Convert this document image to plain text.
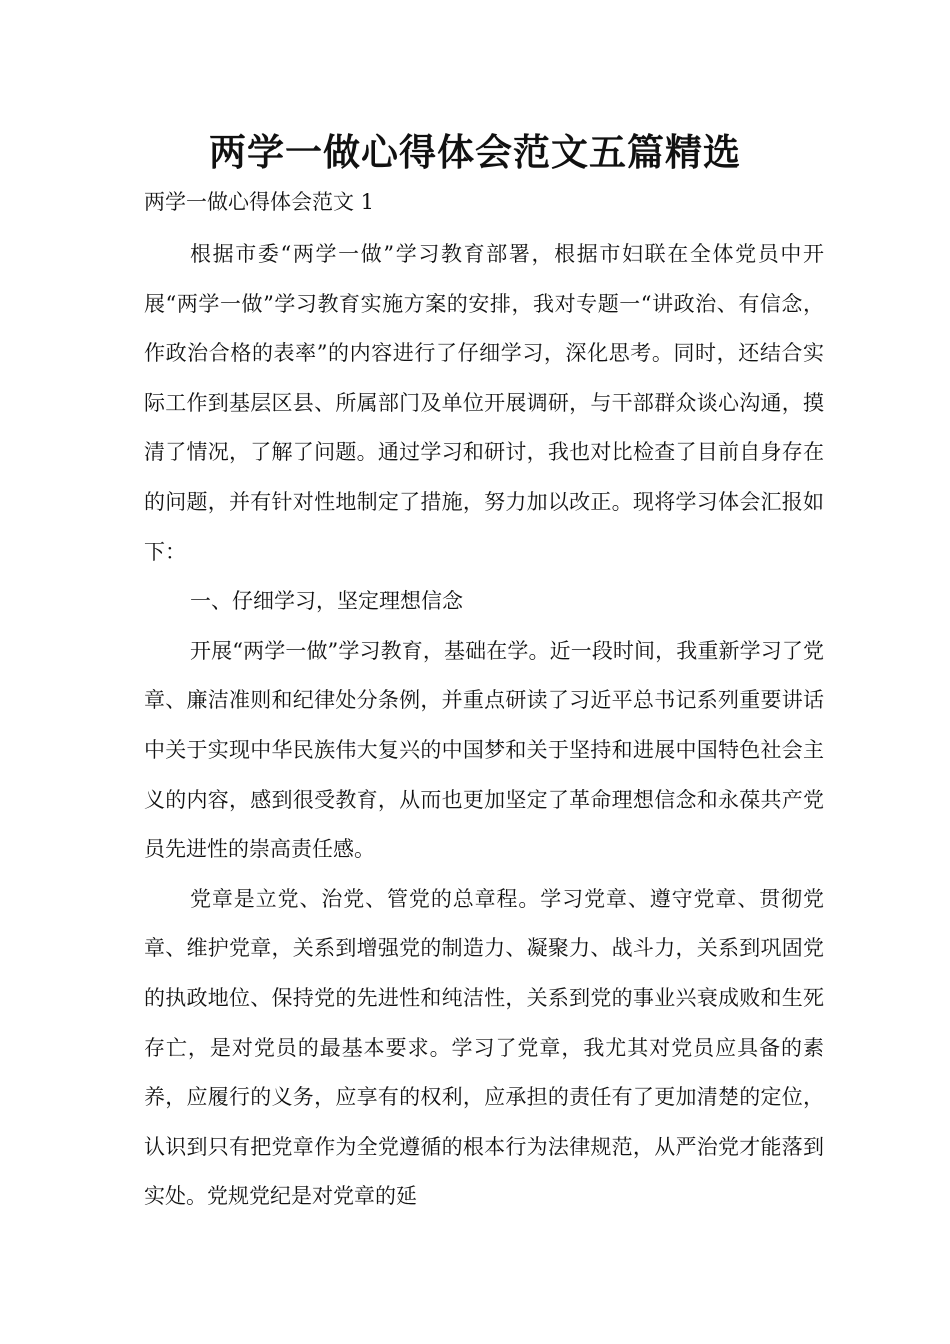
两学一做心得体会范文五篇精选

两学一做心得体会范文 1

根据市委“两学一做”学习教育部署，根据市妇联在全体党员中开展“两学一做”学习教育实施方案的安排，我对专题一“讲政治、有信念，作政治合格的表率”的内容进行了仔细学习，深化思考。同时，还结合实际工作到基层区县、所属部门及单位开展调研，与干部群众谈心沟通，摸清了情况，了解了问题。通过学习和研讨，我也对比检查了目前自身存在的问题，并有针对性地制定了措施，努力加以改正。现将学习体会汇报如下：

一、仔细学习，坚定理想信念

开展“两学一做”学习教育，基础在学。近一段时间，我重新学习了党章、廉洁准则和纪律处分条例，并重点研读了习近平总书记系列重要讲话中关于实现中华民族伟大复兴的中国梦和关于坚持和进展中国特色社会主义的内容，感到很受教育，从而也更加坚定了革命理想信念和永葆共产党员先进性的崇高责任感。

党章是立党、治党、管党的总章程。学习党章、遵守党章、贯彻党章、维护党章，关系到增强党的制造力、凝聚力、战斗力，关系到巩固党的执政地位、保持党的先进性和纯洁性，关系到党的事业兴衰成败和生死存亡，是对党员的最基本要求。学习了党章，我尤其对党员应具备的素养，应履行的义务，应享有的权利，应承担的责任有了更加清楚的定位，认识到只有把党章作为全党遵循的根本行为法律规范，从严治党才能落到实处。党规党纪是对党章的延
